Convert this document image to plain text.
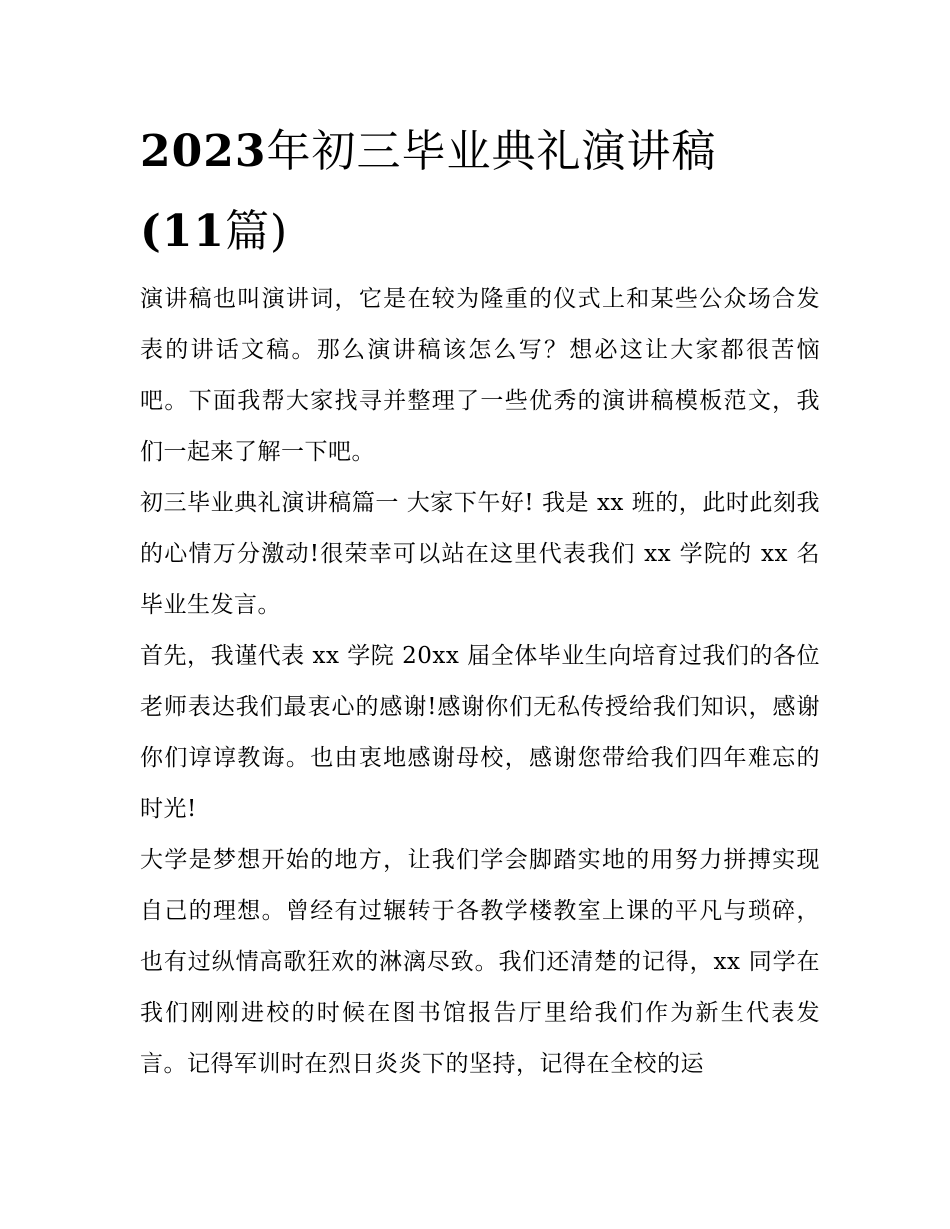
2023年初三毕业典礼演讲稿
(11篇)

演讲稿也叫演讲词，它是在较为隆重的仪式上和某些公众场合发表的讲话文稿。那么演讲稿该怎么写？想必这让大家都很苦恼吧。下面我帮大家找寻并整理了一些优秀的演讲稿模板范文，我们一起来了解一下吧。

初三毕业典礼演讲稿篇一 大家下午好! 我是 xx 班的，此时此刻我的心情万分激动!很荣幸可以站在这里代表我们 xx 学院的 xx 名毕业生发言。

首先，我谨代表 xx 学院 20xx 届全体毕业生向培育过我们的各位老师表达我们最衷心的感谢!感谢你们无私传授给我们知识，感谢你们谆谆教诲。也由衷地感谢母校，感谢您带给我们四年难忘的时光!

大学是梦想开始的地方，让我们学会脚踏实地的用努力拼搏实现自己的理想。曾经有过辗转于各教学楼教室上课的平凡与琐碎，也有过纵情高歌狂欢的淋漓尽致。我们还清楚的记得，xx 同学在我们刚刚进校的时候在图书馆报告厅里给我们作为新生代表发言。记得军训时在烈日炎炎下的坚持，记得在全校的运
